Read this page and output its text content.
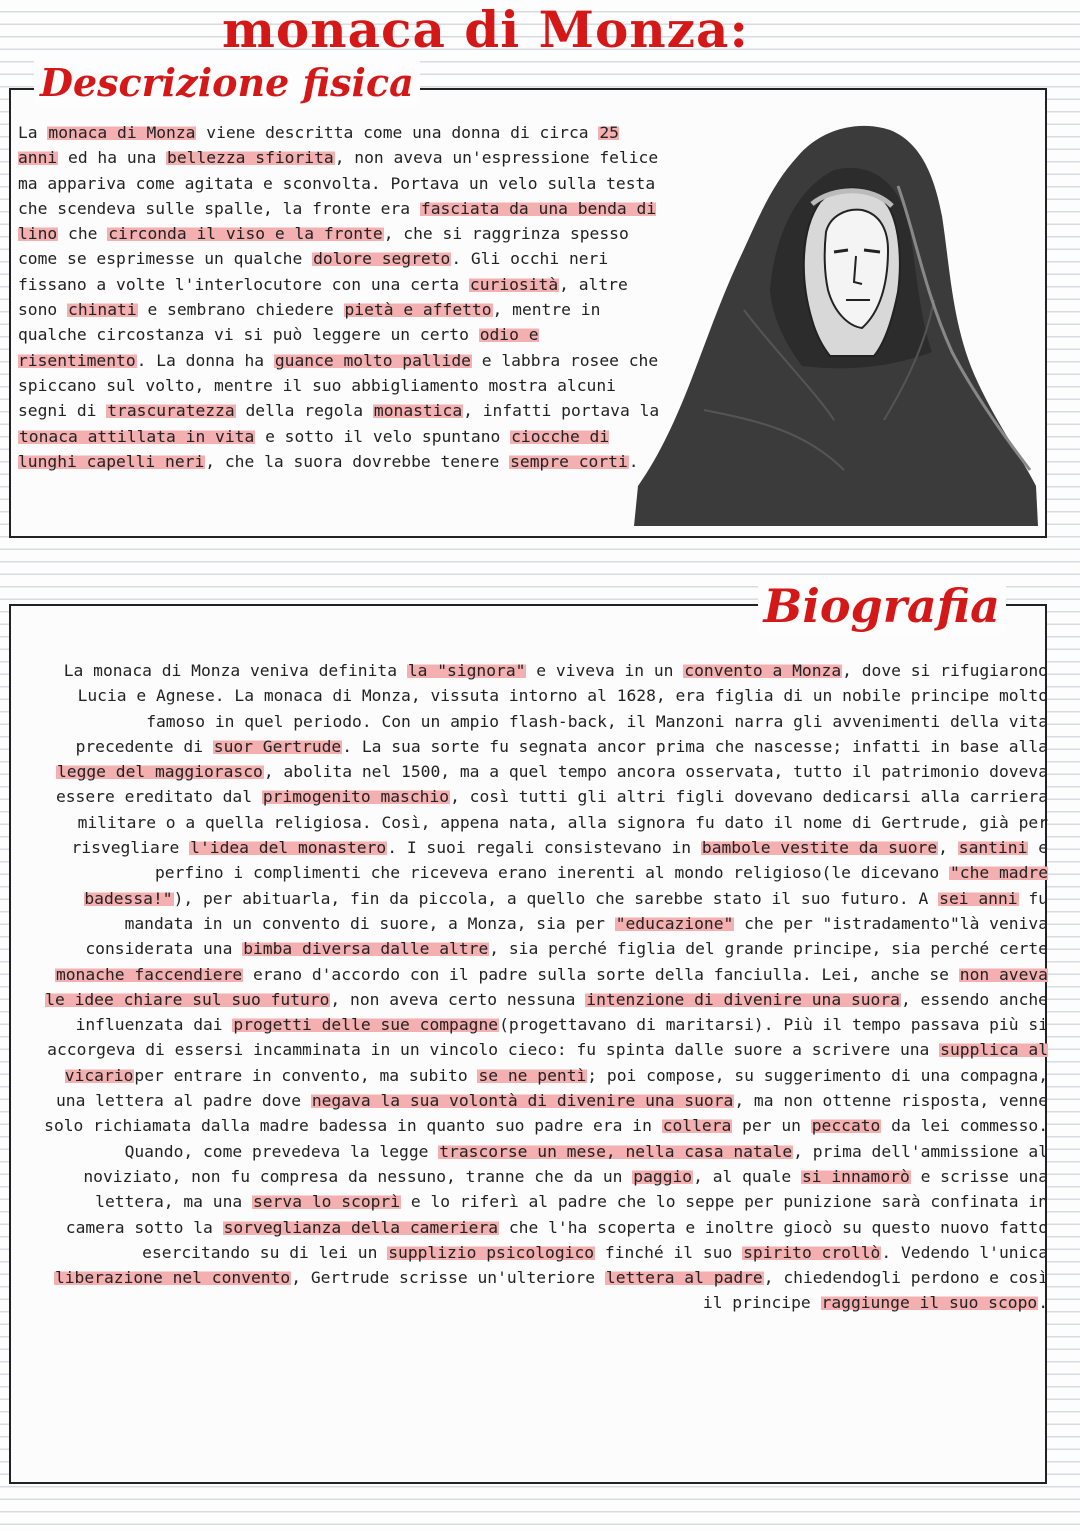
monaca di Monza:
Descrizione fisica

La monaca di Monza viene descritta come una donna di circa 25 anni ed ha una bellezza sfiorita, non aveva un'espressione felice ma appariva come agitata e sconvolta. Portava un velo sulla testa che scendeva sulle spalle, la fronte era fasciata da una benda di lino che circonda il viso e la fronte, che si raggrinza spesso come se esprimesse un qualche dolore segreto. Gli occhi neri fissano a volte l'interlocutore con una certa curiosità, altre sono chinati e sembrano chiedere pietà e affetto, mentre in qualche circostanza vi si può leggere un certo odio e risentimento. La donna ha guance molto pallide e labbra rosee che spiccano sul volto, mentre il suo abbigliamento mostra alcuni segni di trascuratezza della regola monastica, infatti portava la tonaca attillata in vita e sotto il velo spuntano ciocche di lunghi capelli neri, che la suora dovrebbe tenere sempre corti.

Biografia

La monaca di Monza veniva definita la "signora" e viveva in un convento a Monza, dove si rifugiarono Lucia e Agnese. La monaca di Monza, vissuta intorno al 1628, era figlia di un nobile principe molto famoso in quel periodo. Con un ampio flash-back, il Manzoni narra gli avvenimenti della vita precedente di suor Gertrude. La sua sorte fu segnata ancor prima che nascesse; infatti in base alla legge del maggiorasco, abolita nel 1500, ma a quel tempo ancora osservata, tutto il patrimonio doveva essere ereditato dal primogenito maschio, così tutti gli altri figli dovevano dedicarsi alla carriera militare o a quella religiosa. Così, appena nata, alla signora fu dato il nome di Gertrude, già per risvegliare l'idea del monastero. I suoi regali consistevano in bambole vestite da suore, santini e perfino i complimenti che riceveva erano inerenti al mondo religioso(le dicevano "che madre badessa!"), per abituarla, fin da piccola, a quello che sarebbe stato il suo futuro. A sei anni fu mandata in un convento di suore, a Monza, sia per "educazione" che per "istradamento"là veniva considerata una bimba diversa dalle altre, sia perché figlia del grande principe, sia perché certe monache faccendiere erano d'accordo con il padre sulla sorte della fanciulla. Lei, anche se non aveva le idee chiare sul suo futuro, non aveva certo nessuna intenzione di divenire una suora, essendo anche influenzata dai progetti delle sue compagne(progettavano di maritarsi). Più il tempo passava più si accorgeva di essersi incamminata in un vincolo cieco: fu spinta dalle suore a scrivere una supplica al vicarioper entrare in convento, ma subito se ne pentì; poi compose, su suggerimento di una compagna, una lettera al padre dove negava la sua volontà di divenire una suora, ma non ottenne risposta, venne solo richiamata dalla madre badessa in quanto suo padre era in collera per un peccato da lei commesso. Quando, come prevedeva la legge trascorse un mese, nella casa natale, prima dell'ammissione al noviziato, non fu compresa da nessuno, tranne che da un paggio, al quale si innamorò e scrisse una lettera, ma una serva lo scoprì e lo riferì al padre che lo seppe per punizione sarà confinata in camera sotto la sorveglianza della cameriera che l'ha scoperta e inoltre giocò su questo nuovo fatto esercitando su di lei un supplizio psicologico finché il suo spirito crollò. Vedendo l'unica liberazione nel convento, Gertrude scrisse un'ulteriore lettera al padre, chiedendogli perdono e così il principe raggiunge il suo scopo.
